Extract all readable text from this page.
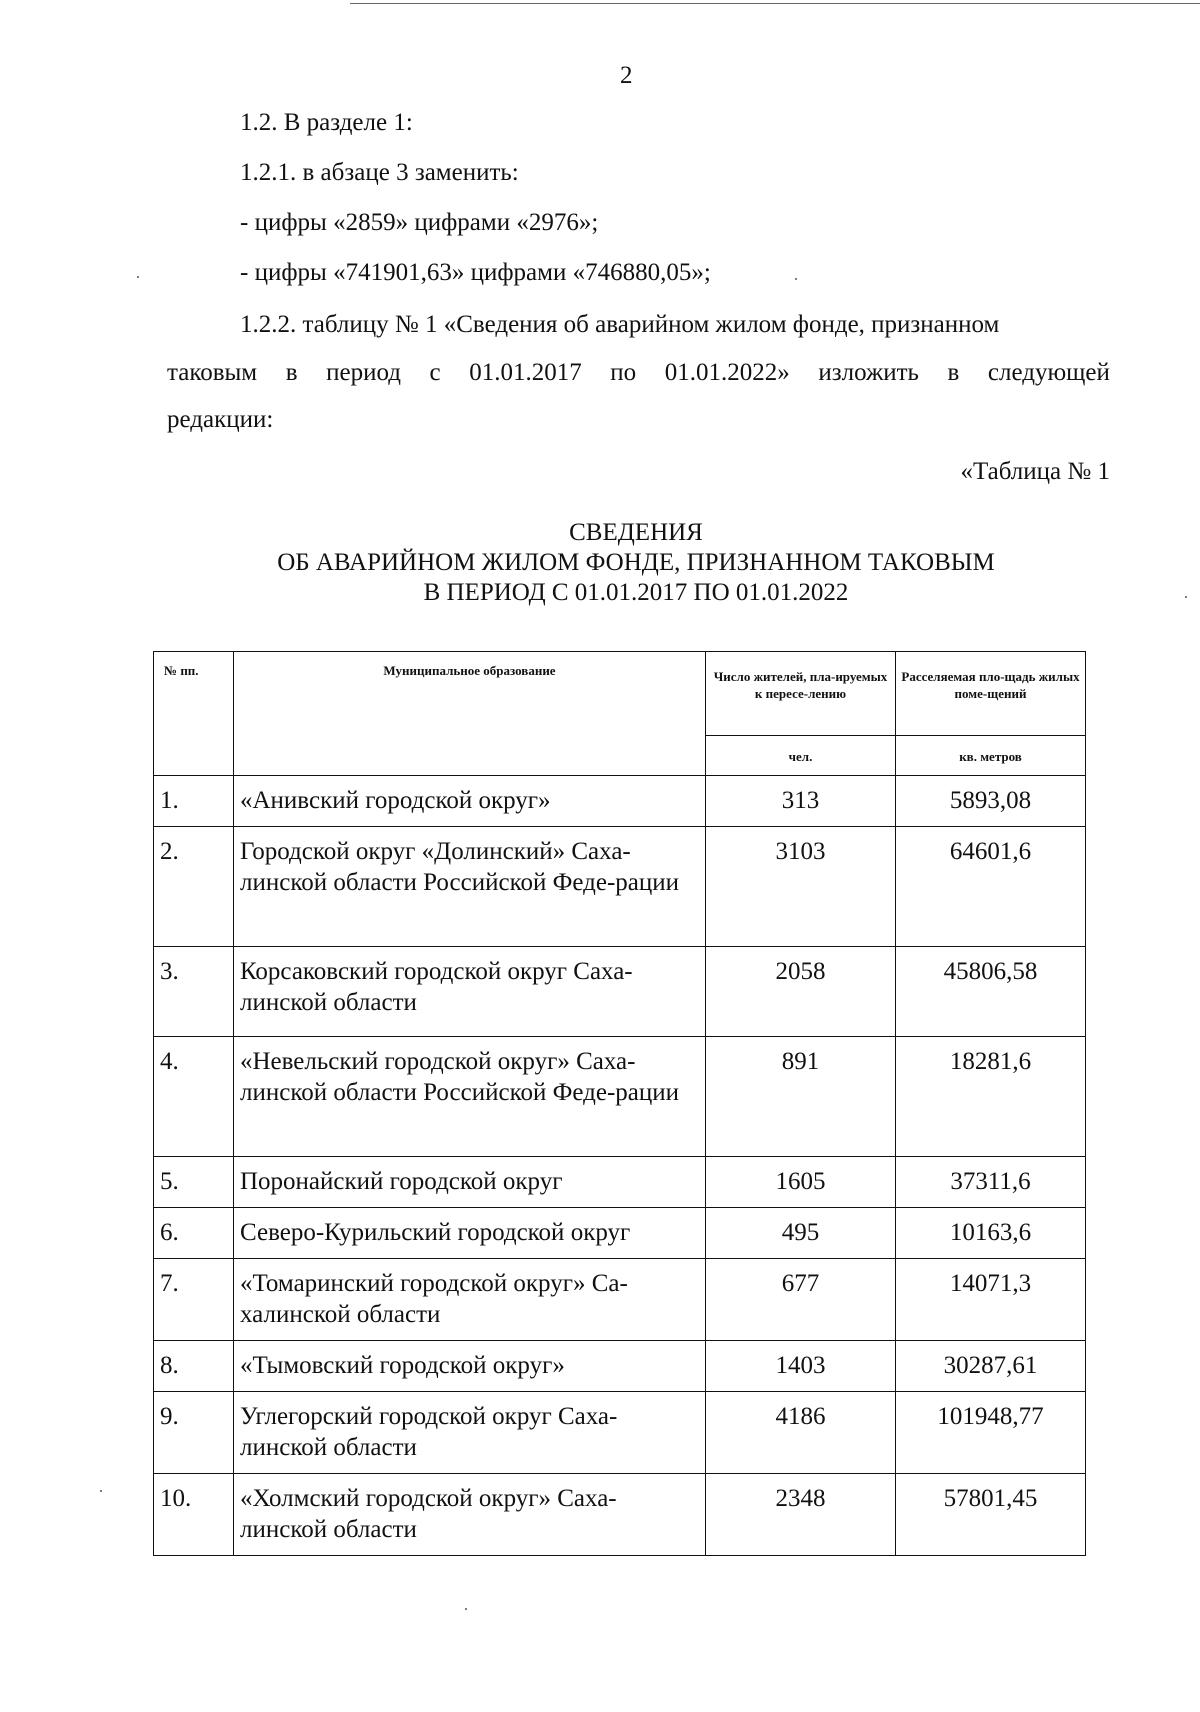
2
1.2. В разделе 1:
1.2.1. в абзаце 3 заменить:
- цифры «2859» цифрами «2976»;
- цифры «741901,63» цифрами «746880,05»;
1.2.2. таблицу № 1 «Сведения об аварийном жилом фонде, признанном
таковым в период с 01.01.2017 по 01.01.2022» изложить в следующей
редакции:
«Таблица № 1
СВЕДЕНИЯ
ОБ АВАРИЙНОМ ЖИЛОМ ФОНДЕ, ПРИЗНАННОМ ТАКОВЫМ
В ПЕРИОД С 01.01.2017 ПО 01.01.2022
№ пп.	Муниципальное образование	Число жителей, пла-ируемых к пересе-лению	Расселяемая пло-щадь жилых поме-щений
		чел.	кв. метров
1.	«Анивский городской округ»	313	5893,08
2.	Городской округ «Долинский» Саха-линской области Российской Феде-рации	3103	64601,6
3.	Корсаковский городской округ Саха-линской области	2058	45806,58
4.	«Невельский городской округ» Саха-линской области Российской Феде-рации	891	18281,6
5.	Поронайский городской округ	1605	37311,6
6.	Северо-Курильский городской округ	495	10163,6
7.	«Томаринский городской округ» Са-халинской области	677	14071,3
8.	«Тымовский городской округ»	1403	30287,61
9.	Углегорский городской округ Саха-линской области	4186	101948,77
10.	«Холмский городской округ» Саха-линской области	2348	57801,45
